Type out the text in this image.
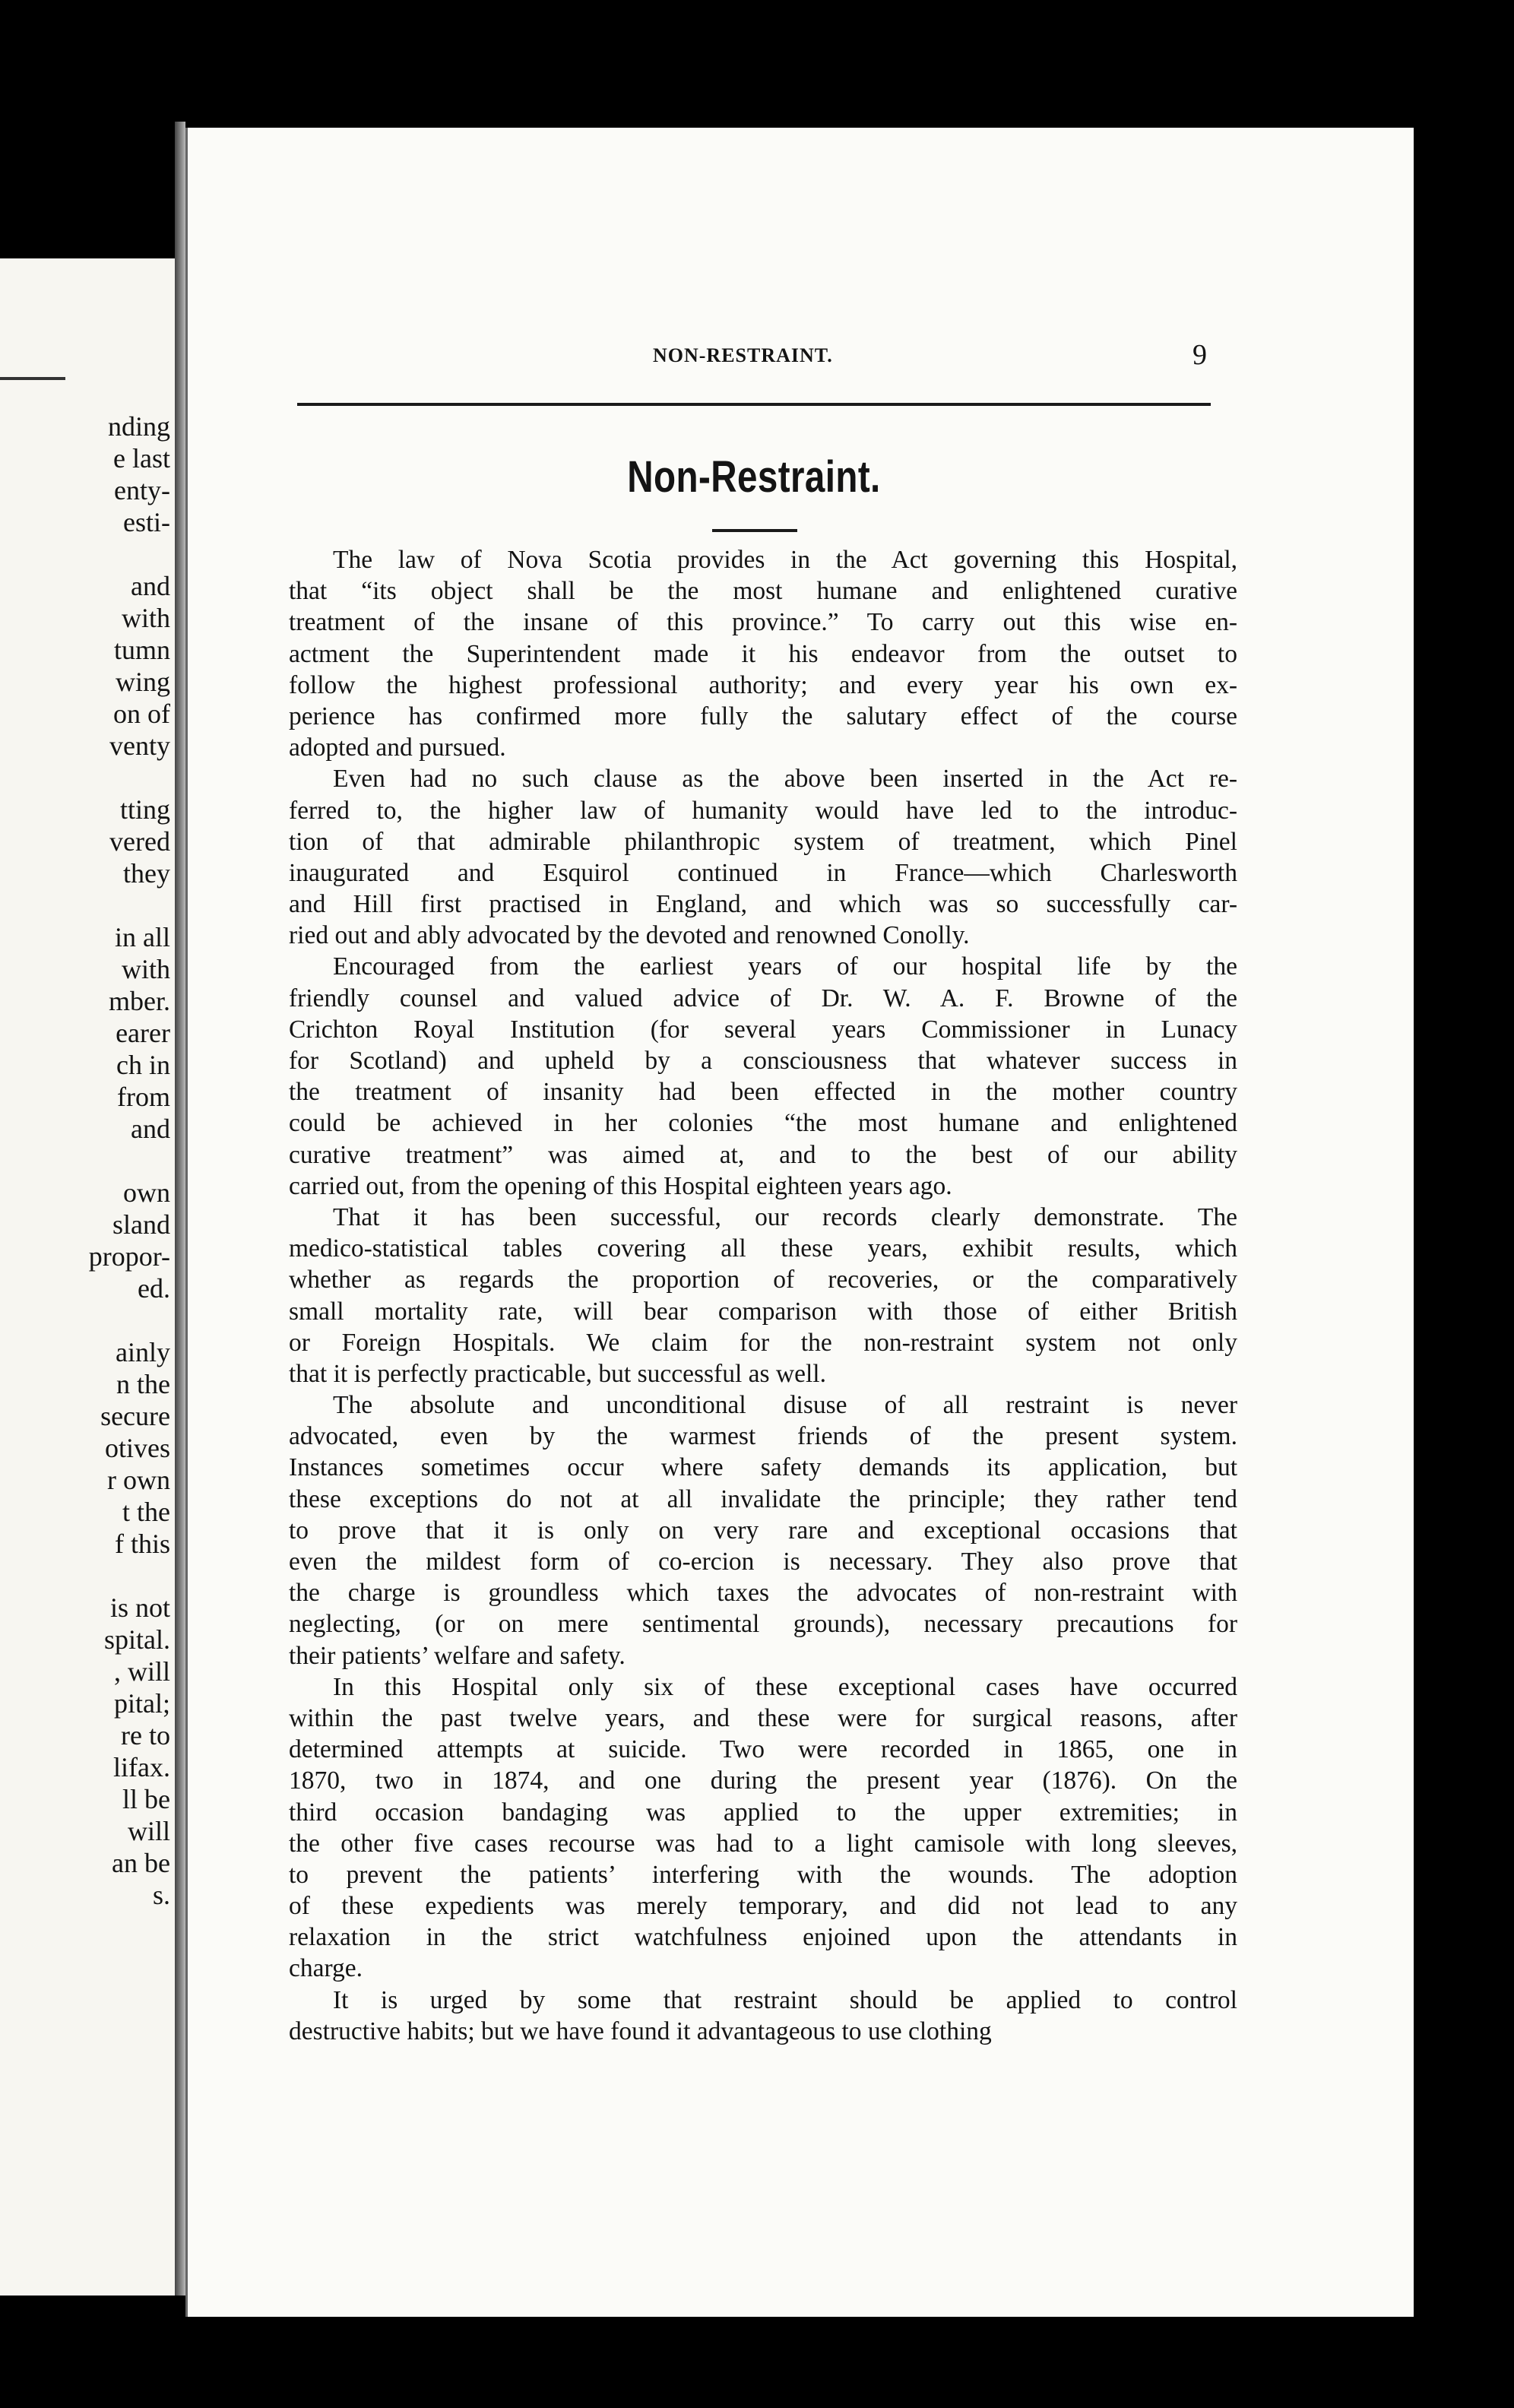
nding
e last
enty-
esti-
and
with
tumn
wing
on of
venty
tting
vered
they
in all
with
mber.
earer
ch in
from
and
own
sland
propor-
ed.
ainly
n the
secure
otives
r own
t the
f this
is not
spital.
, will
pital;
re to
lifax.
ll be
will
an be
s.
NON-RESTRAINT.	9
Non-Restraint.
The law of Nova Scotia provides in the Act governing this Hospital,
that “its object shall be the most humane and enlightened curative
treatment of the insane of this province.” To carry out this wise en-
actment the Superintendent made it his endeavor from the outset to
follow the highest professional authority; and every year his own ex-
perience has confirmed more fully the salutary effect of the course
adopted and pursued.
Even had no such clause as the above been inserted in the Act re-
ferred to, the higher law of humanity would have led to the introduc-
tion of that admirable philanthropic system of treatment, which Pinel
inaugurated and Esquirol continued in France—which Charlesworth
and Hill first practised in England, and which was so successfully car-
ried out and ably advocated by the devoted and renowned Conolly.
Encouraged from the earliest years of our hospital life by the
friendly counsel and valued advice of Dr. W. A. F. Browne of the
Crichton Royal Institution (for several years Commissioner in Lunacy
for Scotland) and upheld by a consciousness that whatever success in
the treatment of insanity had been effected in the mother country
could be achieved in her colonies “the most humane and enlightened
curative treatment” was aimed at, and to the best of our ability
carried out, from the opening of this Hospital eighteen years ago.
That it has been successful, our records clearly demonstrate. The
medico-statistical tables covering all these years, exhibit results, which
whether as regards the proportion of recoveries, or the comparatively
small mortality rate, will bear comparison with those of either British
or Foreign Hospitals. We claim for the non-restraint system not only
that it is perfectly practicable, but successful as well.
The absolute and unconditional disuse of all restraint is never
advocated, even by the warmest friends of the present system.
Instances sometimes occur where safety demands its application, but
these exceptions do not at all invalidate the principle; they rather tend
to prove that it is only on very rare and exceptional occasions that
even the mildest form of co-ercion is necessary. They also prove that
the charge is groundless which taxes the advocates of non-restraint with
neglecting, (or on mere sentimental grounds), necessary precautions for
their patients’ welfare and safety.
In this Hospital only six of these exceptional cases have occurred
within the past twelve years, and these were for surgical reasons, after
determined attempts at suicide. Two were recorded in 1865, one in
1870, two in 1874, and one during the present year (1876). On the
third occasion bandaging was applied to the upper extremities; in
the other five cases recourse was had to a light camisole with long sleeves,
to prevent the patients’ interfering with the wounds. The adoption
of these expedients was merely temporary, and did not lead to any
relaxation in the strict watchfulness enjoined upon the attendants in
charge.
It is urged by some that restraint should be applied to control
destructive habits; but we have found it advantageous to use clothing
